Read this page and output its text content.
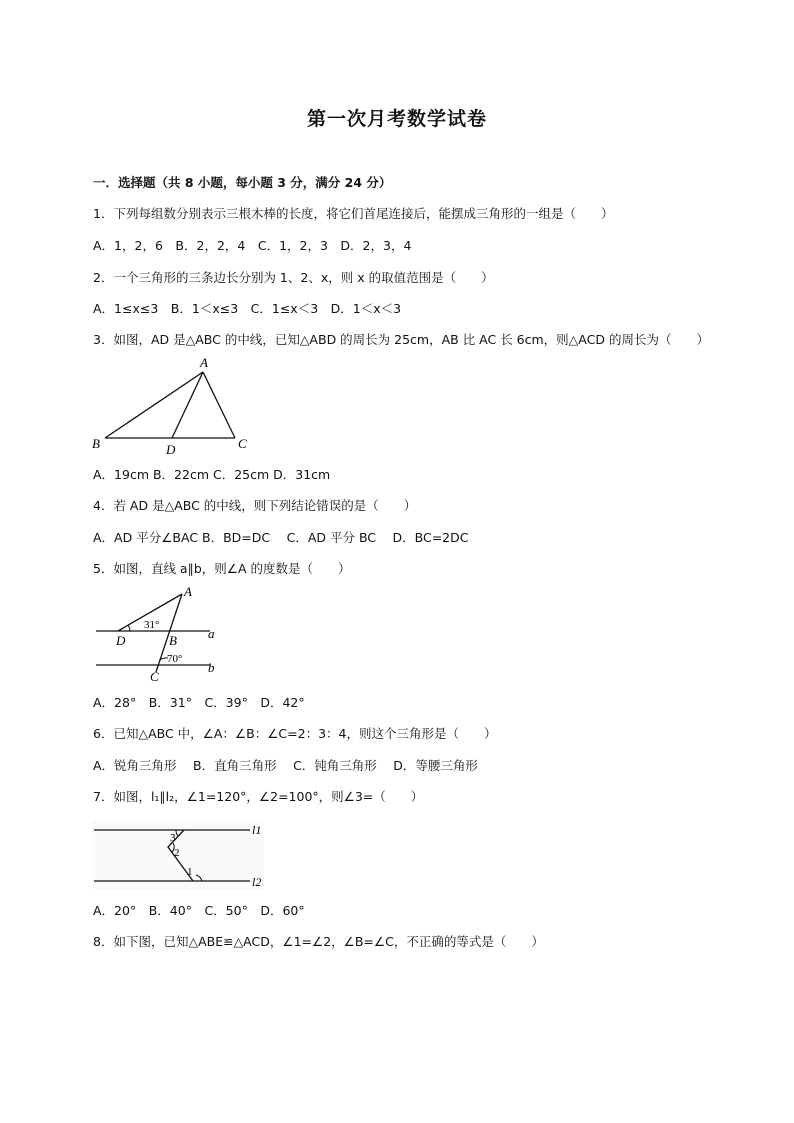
第一次月考数学试卷
一．选择题（共 8 小题，每小题 3 分，满分 24 分）
1．下列每组数分别表示三根木棒的长度，将它们首尾连接后，能摆成三角形的一组是（　　）
A．1，2，6　B．2，2，4　C．1，2，3　D．2，3，4
2．一个三角形的三条边长分别为 1、2、x，则 x 的取值范围是（　　）
A．1≤x≤3　B．1＜x≤3　C．1≤x＜3　D．1＜x＜3
3．如图，AD 是△ABC 的中线，已知△ABD 的周长为 25cm，AB 比 AC 长 6cm，则△ACD 的周长为（　　）
A
B	D	C
A．19cm B．22cm C．25cm D．31cm
4．若 AD 是△ABC 的中线，则下列结论错误的是（　　）
A．AD 平分∠BAC B．BD=DC　 C．AD 平分 BC　 D．BC=2DC
5．如图，直线 a∥b，则∠A 的度数是（　　）
A
D	B a
C
b
31°
70°
A．28°　B．31°　C．39°　D．42°
6．已知△ABC 中，∠A：∠B：∠C=2：3：4，则这个三角形是（　　）
A．锐角三角形　 B．直角三角形　 C．钝角三角形　 D．等腰三角形
7．如图，l₁∥l₂，∠1=120°，∠2=100°，则∠3=（　　）
l1
l2
3
2
1
A．20°　B．40°　C．50°　D．60°
8．如下图，已知△ABE≌△ACD，∠1=∠2，∠B=∠C，不正确的等式是（　　）
